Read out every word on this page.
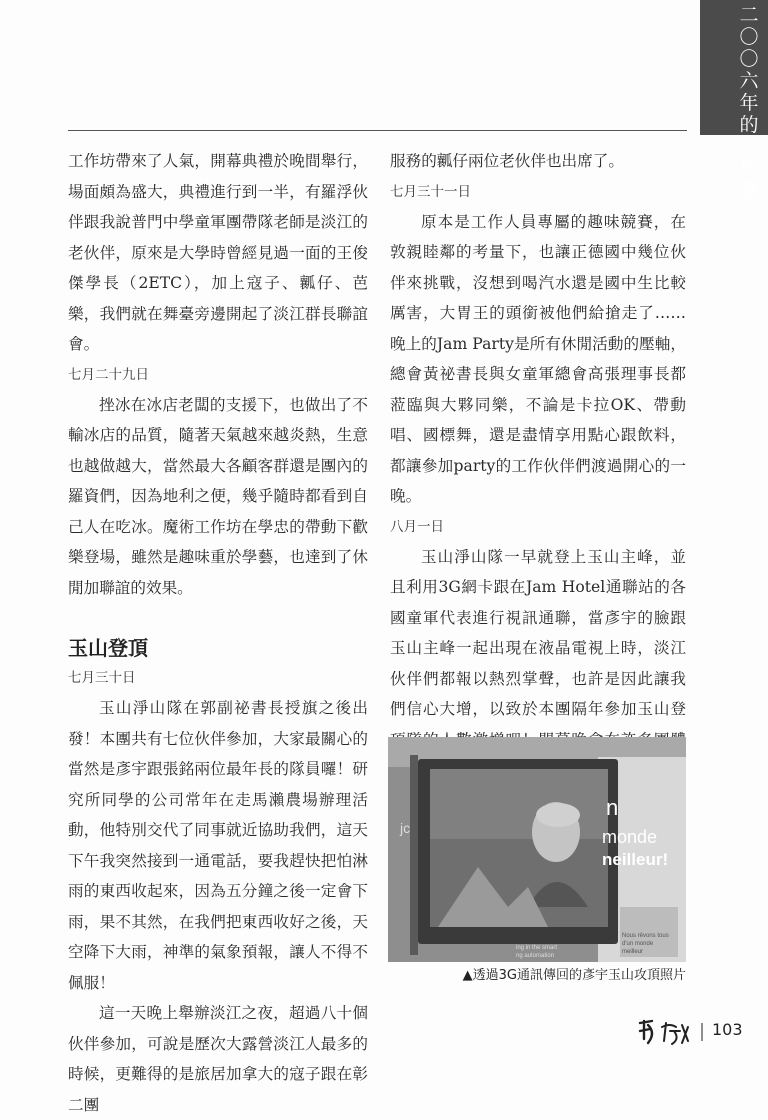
二〇〇六年的走馬灘

工作坊帶來了人氣，開幕典禮於晚間舉行，場面頗為盛大，典禮進行到一半，有羅浮伙伴跟我說普門中學童軍團帶隊老師是淡江的老伙伴，原來是大學時曾經見過一面的王俊傑學長（2ETC），加上寇子、瓤仔、芭樂，我們就在舞臺旁邊開起了淡江群長聯誼會。

七月二十九日

挫冰在冰店老闆的支援下，也做出了不輸冰店的品質，隨著天氣越來越炎熱，生意也越做越大，當然最大各顧客群還是團內的羅資們，因為地利之便，幾乎隨時都看到自己人在吃冰。魔術工作坊在學忠的帶動下歡樂登場，雖然是趣味重於學藝，也達到了休閒加聯誼的效果。

玉山登頂

七月三十日

玉山淨山隊在郭副祕書長授旗之後出發！本團共有七位伙伴參加，大家最關心的當然是彥宇跟張銘兩位最年長的隊員囉！研究所同學的公司常年在走馬瀨農場辦理活動，他特別交代了同事就近協助我們，這天下午我突然接到一通電話，要我趕快把怕淋雨的東西收起來，因為五分鐘之後一定會下雨，果不其然，在我們把東西收好之後，天空降下大雨，神準的氣象預報，讓人不得不佩服！

這一天晚上舉辦淡江之夜，超過八十個伙伴參加，可說是歷次大露營淡江人最多的時候，更難得的是旅居加拿大的寇子跟在彰二團

服務的瓤仔兩位老伙伴也出席了。

七月三十一日

原本是工作人員專屬的趣味競賽，在敦親睦鄰的考量下，也讓正德國中幾位伙伴來挑戰，沒想到喝汽水還是國中生比較厲害，大胃王的頭銜被他們給搶走了……晚上的Jam Party是所有休閒活動的壓軸，總會黃祕書長與女童軍總會高張理事長都蒞臨與大夥同樂，不論是卡拉OK、帶動唱、國標舞，還是盡情享用點心跟飲料，都讓參加party的工作伙伴們渡過開心的一晚。

八月一日

玉山淨山隊一早就登上玉山主峰，並且利用3G網卡跟在Jam Hotel通聯站的各國童軍代表進行視訊通聯，當彥宇的臉跟玉山主峰一起出現在液晶電視上時，淡江伙伴們都報以熱烈掌聲，也許是因此讓我們信心大增，以致於本團隔年參加玉山登

n
monde
neilleur!
jc
Nous rêvons tous
d'un monde
meilleur
ing in the smart
ng automation
▲透過3G通訊傳回的彥宇玉山攻頂照片
103
